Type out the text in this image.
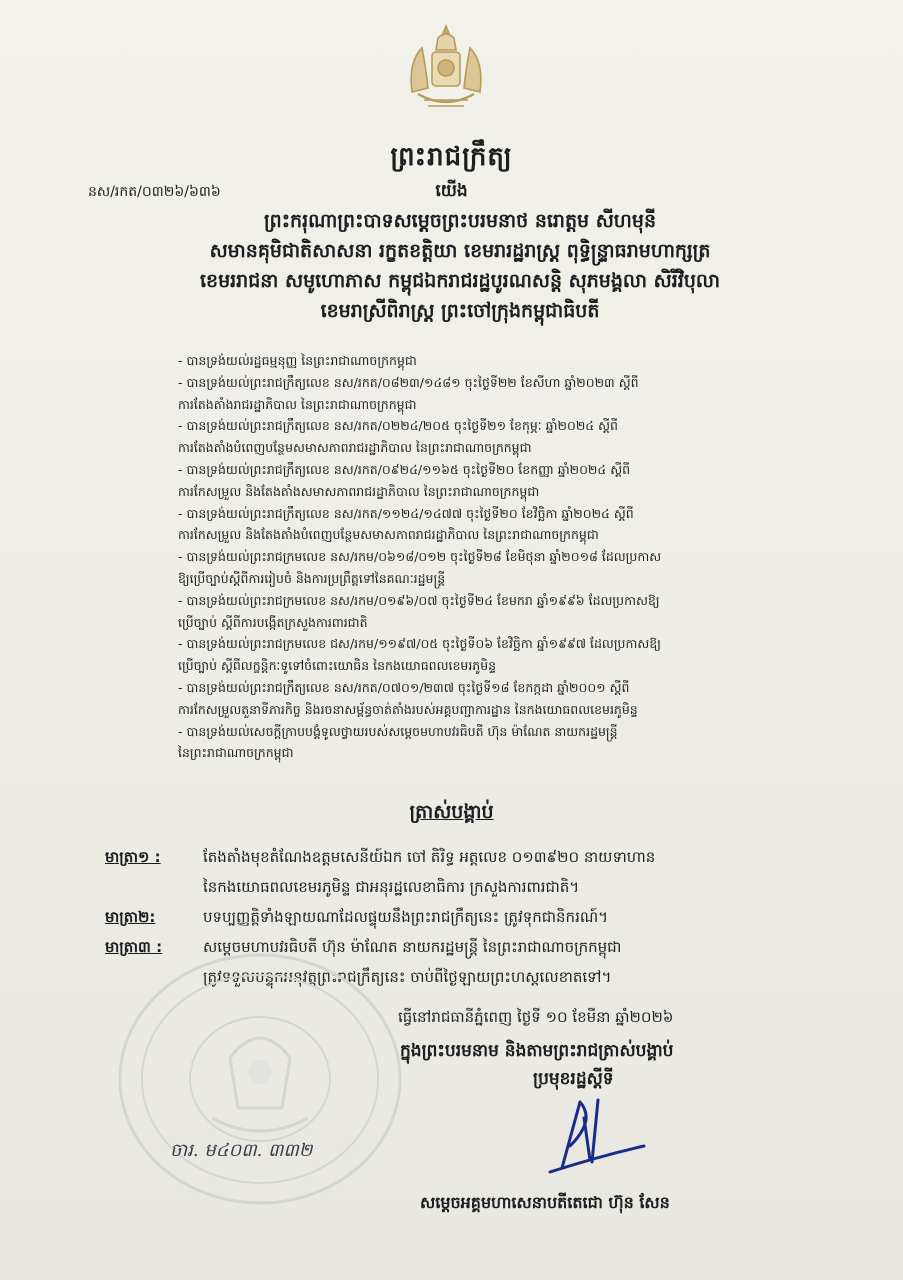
ព្រះរាជក្រឹត្យ
នស/រកត/០៣២៦/៦៣៦	យើង
ព្រះករុណាព្រះបាទសម្តេចព្រះបរមនាថ នរោត្តម សីហមុនី
សមានគុមិជាតិសាសនា រក្ខតខត្តិយា ខេមរារដ្ឋរាស្ត្រ ពុទ្ធិន្ទ្រាធរាមហាក្សត្រ
ខេមររាជនា សមូហោភាស កម្ពុជឯករាជរដ្ឋបូរណសន្តិ សុភមង្គលា សិរីវិបុលា
ខេមរាស្រីពិរាស្ត្រ ព្រះចៅក្រុងកម្ពុជាធិបតី
- បានទ្រង់យល់រដ្ឋធម្មនុញ្ញ នៃព្រះរាជាណាចក្រកម្ពុជា
- បានទ្រង់យល់ព្រះរាជក្រឹត្យលេខ នស/រកត/០៨២៣/១៤៨១ ចុះថ្ងៃទី២២ ខែសីហា ឆ្នាំ២០២៣ ស្តីពី
ការតែងតាំងរាជរដ្ឋាភិបាល នៃព្រះរាជាណាចក្រកម្ពុជា
- បានទ្រង់យល់ព្រះរាជក្រឹត្យលេខ នស/រកត/០២២៤/២០៥ ចុះថ្ងៃទី២១ ខែកុម្ភៈ ឆ្នាំ២០២៤ ស្តីពី
ការតែងតាំងបំពេញបន្ថែមសមាសភាពរាជរដ្ឋាភិបាល នៃព្រះរាជាណាចក្រកម្ពុជា
- បានទ្រង់យល់ព្រះរាជក្រឹត្យលេខ នស/រកត/០៩២៤/១១៦៥ ចុះថ្ងៃទី២០ ខែកញ្ញា ឆ្នាំ២០២៤ ស្តីពី
ការកែសម្រួល និងតែងតាំងសមាសភាពរាជរដ្ឋាភិបាល នៃព្រះរាជាណាចក្រកម្ពុជា
- បានទ្រង់យល់ព្រះរាជក្រឹត្យលេខ នស/រកត/១១២៤/១៤៧៧ ចុះថ្ងៃទី២០ ខែវិច្ឆិកា ឆ្នាំ២០២៤ ស្តីពី
ការកែសម្រួល និងតែងតាំងបំពេញបន្ថែមសមាសភាពរាជរដ្ឋាភិបាល នៃព្រះរាជាណាចក្រកម្ពុជា
- បានទ្រង់យល់ព្រះរាជក្រមលេខ នស/រកម/០៦១៨/០១២ ចុះថ្ងៃទី២៨ ខែមិថុនា ឆ្នាំ២០១៨ ដែលប្រកាស
ឱ្យប្រើច្បាប់ស្តីពីការរៀបចំ និងការប្រព្រឹត្តទៅនៃគណៈរដ្ឋមន្ត្រី
- បានទ្រង់យល់ព្រះរាជក្រមលេខ នស/រកម/០១៩៦/០៧ ចុះថ្ងៃទី២៤ ខែមករា ឆ្នាំ១៩៩៦ ដែលប្រកាសឱ្យ
ប្រើច្បាប់ ស្តីពីការបង្កើតក្រសួងការពារជាតិ
- បានទ្រង់យល់ព្រះរាជក្រមលេខ ជស/រកម/១១៩៧/០៥ ចុះថ្ងៃទី០៦ ខែវិច្ឆិកា ឆ្នាំ១៩៩៧ ដែលប្រកាសឱ្យ
ប្រើច្បាប់ ស្តីពីលក្ខន្តិកៈទូទៅចំពោះយោធិន នៃកងយោធពលខេមរភូមិន្ទ
- បានទ្រង់យល់ព្រះរាជក្រឹត្យលេខ នស/រកត/០៧០១/២៣៧ ចុះថ្ងៃទី១៨ ខែកក្កដា ឆ្នាំ២០០១ ស្តីពី
ការកែសម្រួលតួនាទីភារកិច្ច និងរចនាសម្ព័ន្ធចាត់តាំងរបស់អគ្គបញ្ជាការដ្ឋាន នៃកងយោធពលខេមរភូមិន្ទ
- បានទ្រង់យល់សេចក្តីក្រាបបង្គំទូលថ្វាយរបស់សម្តេចមហាបវរធិបតី ហ៊ុន ម៉ាណែត នាយករដ្ឋមន្ត្រី
នៃព្រះរាជាណាចក្រកម្ពុជា
ត្រាស់បង្គាប់
មាត្រា១ :	តែងតាំងមុខតំណែងឧត្តមសេនីយ៍ឯក ចៅ តិរិទ្ធ អត្តលេខ ០១៣៩២០ នាយទាហាន
នៃកងយោធពលខេមរភូមិន្ទ ជាអនុរដ្ឋលេខាធិការ ក្រសួងការពារជាតិ។
មាត្រា២:	បទប្បញ្ញត្តិទាំងឡាយណាដែលផ្ទុយនឹងព្រះរាជក្រឹត្យនេះ ត្រូវទុកជានិករណ៍។
មាត្រា៣ :	សម្តេចមហាបវរធិបតី ហ៊ុន ម៉ាណែត នាយករដ្ឋមន្ត្រី នៃព្រះរាជាណាចក្រកម្ពុជា
ត្រូវទទួលបន្ទុកអនុវត្តព្រះរាជក្រឹត្យនេះ ចាប់ពីថ្ងៃឡាយព្រះហស្តលេខាតទៅ។
ធ្វើនៅរាជធានីភ្នំពេញ ថ្ងៃទី ១០ ខែមីនា ឆ្នាំ២០២៦
ក្នុងព្រះបរមនាម និងតាមព្រះរាជត្រាស់បង្គាប់
ប្រមុខរដ្ឋស្តីទី
ចារ. ម៤០៣. ៣៣២
សម្តេចអគ្គមហាសេនាបតីតេជោ ហ៊ុន សែន
